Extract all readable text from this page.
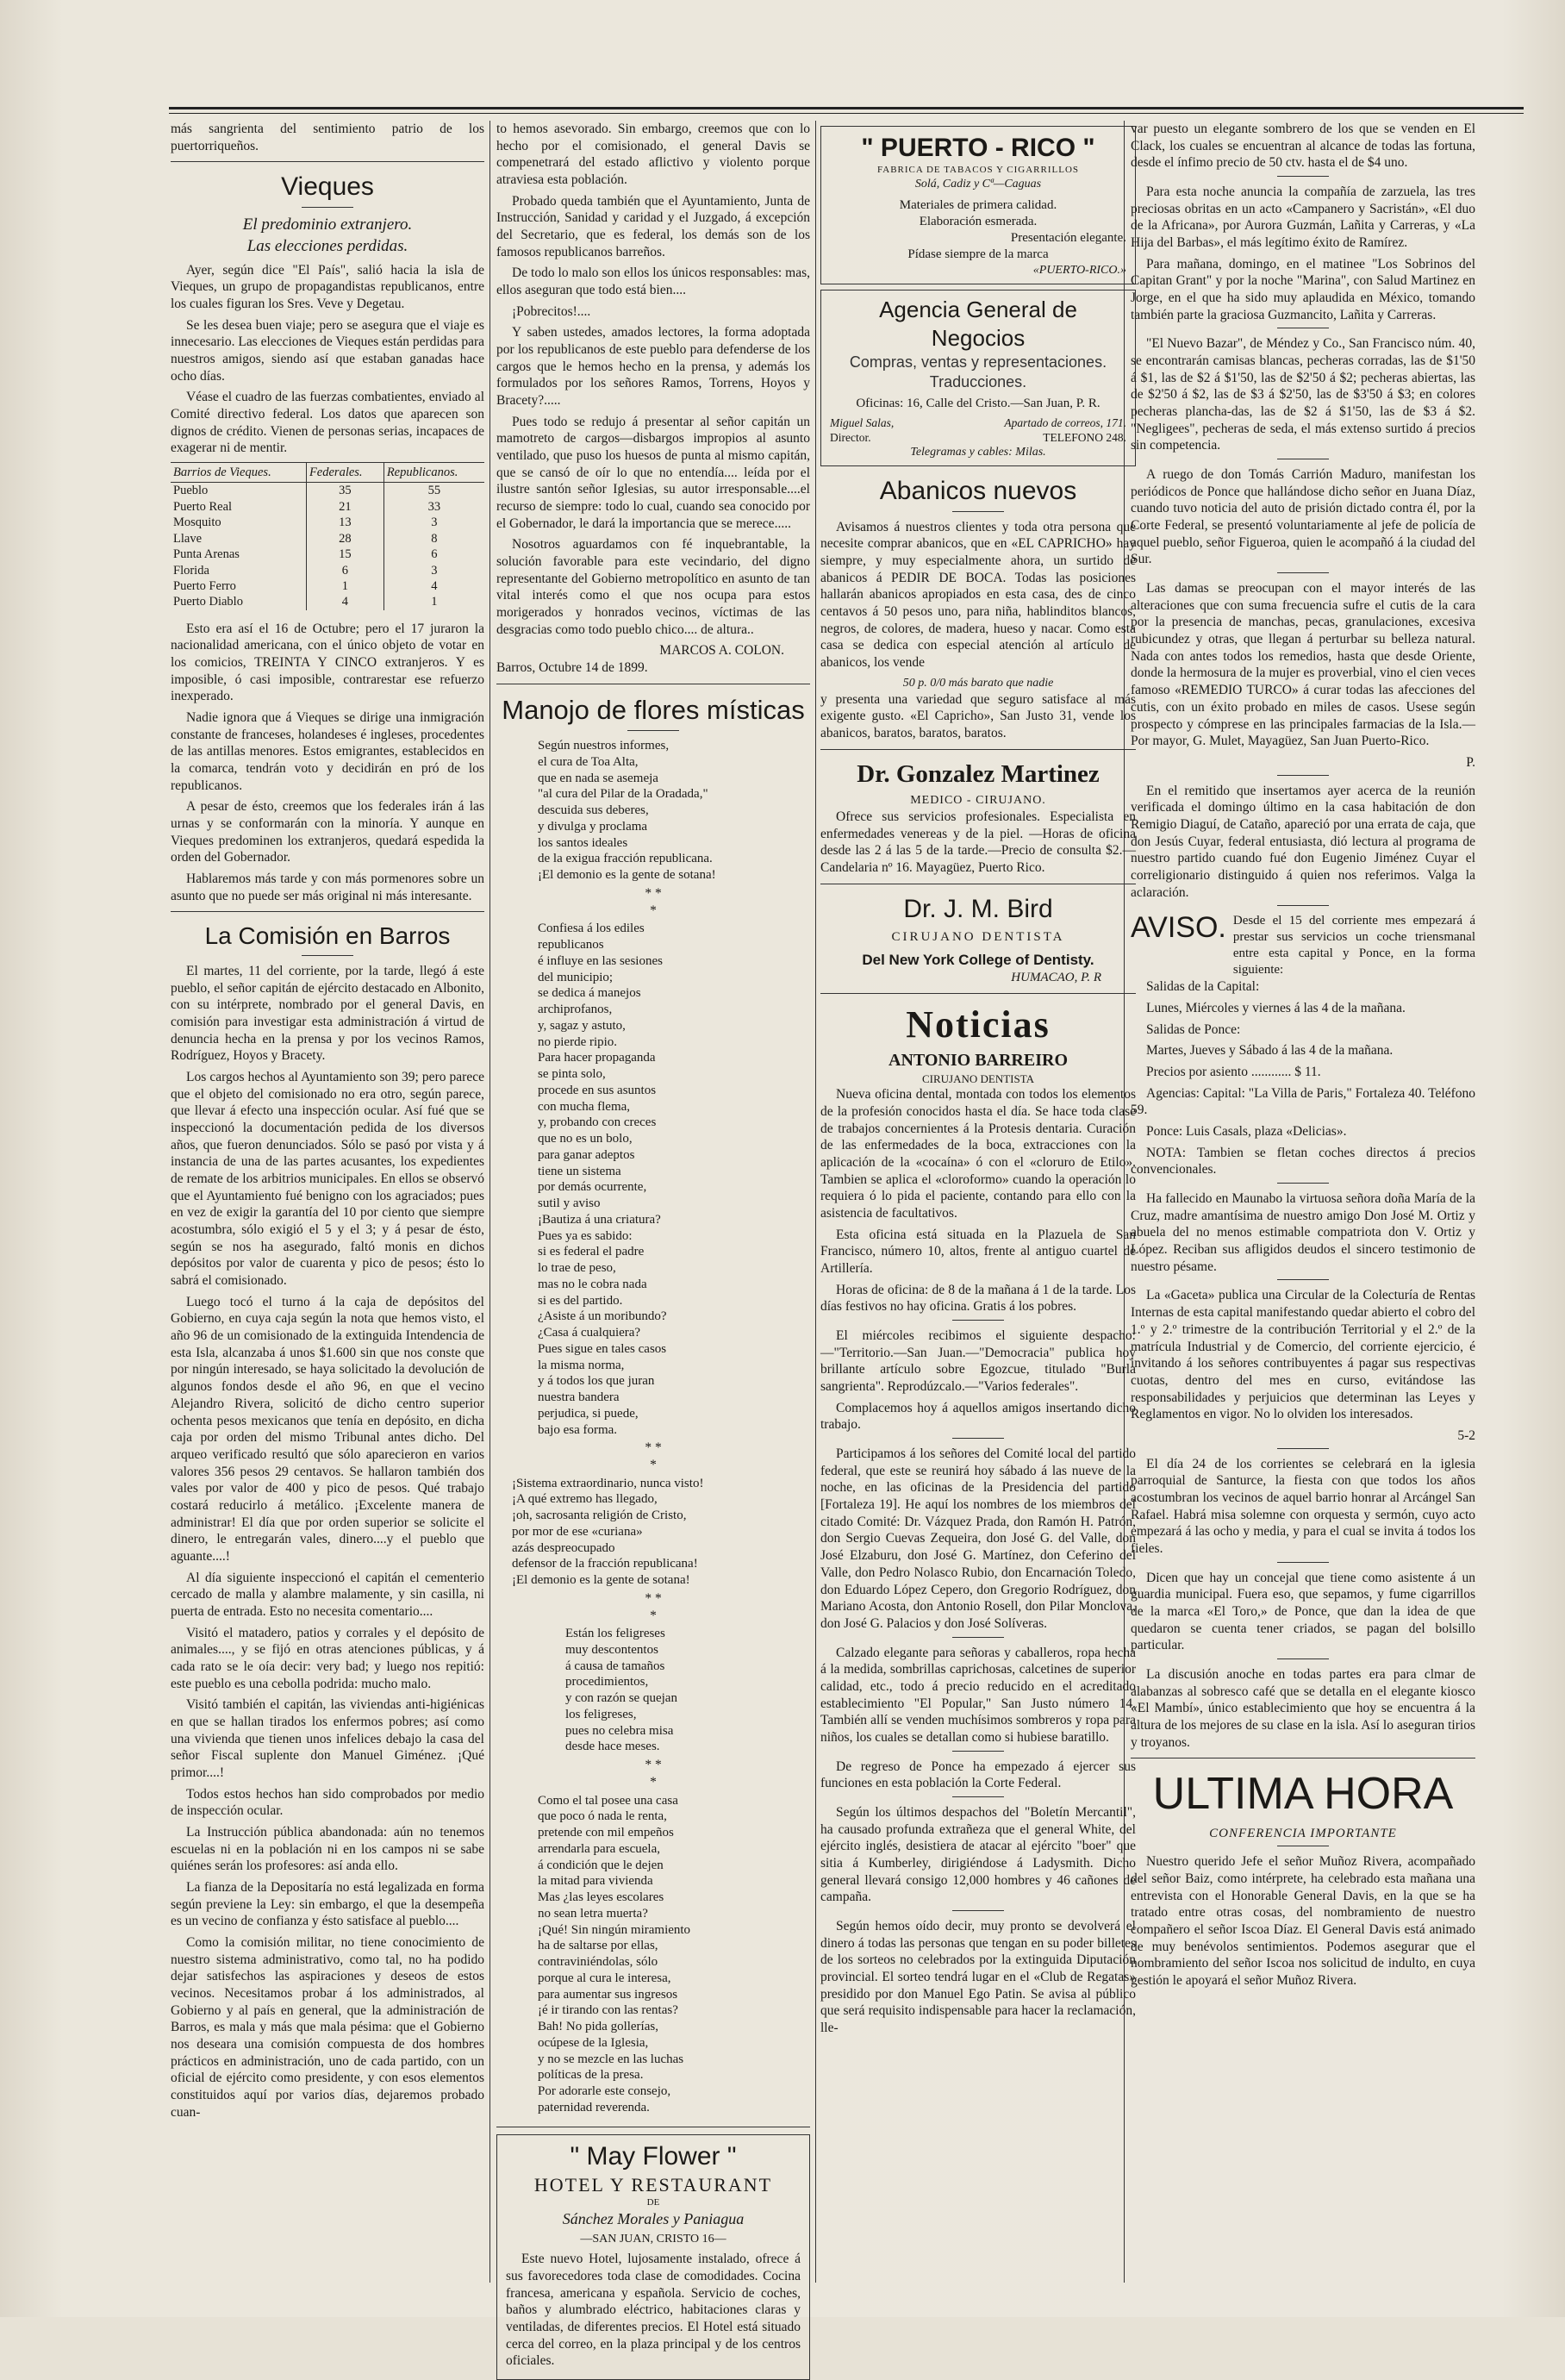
más sangrienta del sentimiento patrio de los puertorriqueños.

Vieques
El predominio extranjero.
Las elecciones perdidas.

Ayer, según dice "El País", salió hacia la isla de Vieques, un grupo de propagandistas republicanos, entre los cuales figuran los Sres. Veve y Degetau.

Se les desea buen viaje; pero se asegura que el viaje es innecesario. Las elecciones de Vieques están perdidas para nuestros amigos, siendo así que estaban ganadas hace ocho días.

Véase el cuadro de las fuerzas combatientes, enviado al Comité directivo federal. Los datos que aparecen son dignos de crédito. Vienen de personas serias, incapaces de exagerar ni de mentir.

Barrios de Vieques.	Federales.	Republicanos.
Pueblo	35	55
Puerto Real	21	33
Mosquito	13	3
Llave	28	8
Punta Arenas	15	6
Florida	6	3
Puerto Ferro	1	4
Puerto Diablo	4	1

Esto era así el 16 de Octubre; pero el 17 juraron la nacionalidad americana, con el único objeto de votar en los comicios, TREINTA Y CINCO extranjeros. Y es imposible, ó casi imposible, contrarestar ese refuerzo inexperado.

Nadie ignora que á Vieques se dirige una inmigración constante de franceses, holandeses é ingleses, procedentes de las antillas menores. Estos emigrantes, establecidos en la comarca, tendrán voto y decidirán en pró de los republicanos.

A pesar de ésto, creemos que los federales irán á las urnas y se conformarán con la minoría. Y aunque en Vieques predominen los extranjeros, quedará espedida la orden del Gobernador.

Hablaremos más tarde y con más pormenores sobre un asunto que no puede ser más original ni más interesante.

La Comisión en Barros

El martes, 11 del corriente, por la tarde, llegó á este pueblo, el señor capitán de ejército destacado en Albonito, con su intérprete, nombrado por el general Davis, en comisión para investigar esta administración á virtud de denuncia hecha en la prensa y por los vecinos Ramos, Rodríguez, Hoyos y Bracety.

Los cargos hechos al Ayuntamiento son 39; pero parece que el objeto del comisionado no era otro, según parece, que llevar á efecto una inspección ocular. Así fué que se inspeccionó la documentación pedida de los diversos años, que fueron denunciados. Sólo se pasó por vista y á instancia de una de las partes acusantes, los expedientes de remate de los arbitrios municipales. En ellos se observó que el Ayuntamiento fué benigno con los agraciados; pues en vez de exigir la garantía del 10 por ciento que siempre acostumbra, sólo exigió el 5 y el 3; y á pesar de ésto, según se nos ha asegurado, faltó monis en dichos depósitos por valor de cuarenta y pico de pesos; ésto lo sabrá el comisionado.

Luego tocó el turno á la caja de depósitos del Gobierno, en cuya caja según la nota que hemos visto, el año 96 de un comisionado de la extinguida Intendencia de esta Isla, alcanzaba á unos $1.600 sin que nos conste que por ningún interesado, se haya solicitado la devolución de algunos fondos desde el año 96, en que el vecino Alejandro Rivera, solicitó de dicho centro superior ochenta pesos mexicanos que tenía en depósito, en dicha caja por orden del mismo Tribunal antes dicho. Del arqueo verificado resultó que sólo aparecieron en varios valores 356 pesos 29 centavos. Se hallaron también dos vales por valor de 400 y pico de pesos. Qué trabajo costará reducirlo á metálico. ¡Excelente manera de administrar! El día que por orden superior se solicite el dinero, le entregarán vales, dinero....y el pueblo que aguante....!

Al día siguiente inspeccionó el capitán el cementerio cercado de malla y alambre malamente, y sin casilla, ni puerta de entrada. Esto no necesita comentario....

Visitó el matadero, patios y corrales y el depósito de animales...., y se fijó en otras atenciones públicas, y á cada rato se le oía decir: very bad; y luego nos repitió: este pueblo es una cebolla podrida: mucho malo.

Visitó también el capitán, las viviendas anti-higiénicas en que se hallan tirados los enfermos pobres; así como una vivienda que tienen unos infelices debajo la casa del señor Fiscal suplente don Manuel Giménez. ¡Qué primor....!

Todos estos hechos han sido comprobados por medio de inspección ocular.

La Instrucción pública abandonada: aún no tenemos escuelas ni en la población ni en los campos ni se sabe quiénes serán los profesores: así anda ello.

La fianza de la Depositaría no está legalizada en forma según previene la Ley: sin embargo, el que la desempeña es un vecino de confianza y ésto satisface al pueblo....

Como la comisión militar, no tiene conocimiento de nuestro sistema administrativo, como tal, no ha podido dejar satisfechos las aspiraciones y deseos de estos vecinos. Necesitamos probar á los administrados, al Gobierno y al país en general, que la administración de Barros, es mala y más que mala pésima: que el Gobierno nos deseara una comisión compuesta de dos hombres prácticos en administración, uno de cada partido, con un oficial de ejército como presidente, y con esos elementos constituidos aquí por varios días, dejaremos probado cuan-

to hemos asevorado. Sin embargo, creemos que con lo hecho por el comisionado, el general Davis se compenetrará del estado aflictivo y violento porque atraviesa esta población.

Probado queda también que el Ayuntamiento, Junta de Instrucción, Sanidad y caridad y el Juzgado, á excepción del Secretario, que es federal, los demás son de los famosos republicanos barreños.

De todo lo malo son ellos los únicos responsables: mas, ellos aseguran que todo está bien....

¡Pobrecitos!....

Y saben ustedes, amados lectores, la forma adoptada por los republicanos de este pueblo para defenderse de los cargos que le hemos hecho en la prensa, y además los formulados por los señores Ramos, Torrens, Hoyos y Bracety?.....

Pues todo se redujo á presentar al señor capitán un mamotreto de cargos—disbargos impropios al asunto ventilado, que puso los huesos de punta al mismo capitán, que se cansó de oír lo que no entendía.... leída por el ilustre santón señor Iglesias, su autor irresponsable....el recurso de siempre: todo lo cual, cuando sea conocido por el Gobernador, le dará la importancia que se merece.....

Nosotros aguardamos con fé inquebrantable, la solución favorable para este vecindario, del digno representante del Gobierno metropolítico en asunto de tan vital interés como el que nos ocupa para estos morigerados y honrados vecinos, víctimas de las desgracias como todo pueblo chico.... de altura..

MARCOS A. COLON.

Barros, Octubre 14 de 1899.

Manojo de flores místicas
Según nuestros informes,
el cura de Toa Alta,
que en nada se asemeja
"al cura del Pilar de la Oradada,"
descuida sus deberes,
y divulga y proclama
los santos ideales
de la exigua fracción republicana.
¡El demonio es la gente de sotana!
* *
*
Confiesa á los ediles
republicanos
é influye en las sesiones
del municipio;
se dedica á manejos
archiprofanos,
y, sagaz y astuto,
no pierde ripio.
Para hacer propaganda
se pinta solo,
procede en sus asuntos
con mucha flema,
y, probando con creces
que no es un bolo,
para ganar adeptos
tiene un sistema
por demás ocurrente,
sutil y aviso
¡Bautiza á una criatura?
Pues ya es sabido:
si es federal el padre
lo trae de peso,
mas no le cobra nada
si es del partido.
¿Asiste á un moribundo?
¿Casa á cualquiera?
Pues sigue en tales casos
la misma norma,
y á todos los que juran
nuestra bandera
perjudica, si puede,
bajo esa forma.
* *
*
¡Sistema extraordinario, nunca visto!
¡A qué extremo has llegado,
¡oh, sacrosanta religión de Cristo,
por mor de ese «curiana»
azás despreocupado
defensor de la fracción republicana!
¡El demonio es la gente de sotana!
* *
*
Están los feligreses
muy descontentos
á causa de tamaños
procedimientos,
y con razón se quejan
los feligreses,
pues no celebra misa
desde hace meses.
* *
*
Como el tal posee una casa
que poco ó nada le renta,
pretende con mil empeños
arrendarla para escuela,
á condición que le dejen
la mitad para vivienda
Mas ¿las leyes escolares
no sean letra muerta?
¡Qué! Sin ningún miramiento
ha de saltarse por ellas,
contraviniéndolas, sólo
porque al cura le interesa,
para aumentar sus ingresos
¡é ir tirando con las rentas?
Bah! No pida gollerías,
ocúpese de la Iglesia,
y no se mezcle en las luchas
políticas de la presa.
Por adorarle este consejo,
paternidad reverenda.
" May Flower "
HOTEL Y RESTAURANT
DE
Sánchez Morales y Paniagua
—SAN JUAN, CRISTO 16—

Este nuevo Hotel, lujosamente instalado, ofrece á sus favorecedores toda clase de comodidades. Cocina francesa, americana y española. Servicio de coches, baños y alumbrado eléctrico, habitaciones claras y ventiladas, de diferentes precios. El Hotel está situado cerca del correo, en la plaza principal y de los centros oficiales.

" PUERTO - RICO "
FABRICA DE TABACOS Y CIGARRILLOS
Solá, Cadiz y Cª—Caguas
Materiales de primera calidad.
Elaboración esmerada.
Presentación elegante.
Pídase siempre de la marca
«PUERTO-RICO.»
Agencia General de Negocios
Compras, ventas y representaciones.
Traducciones.
Oficinas: 16, Calle del Cristo.—San Juan, P. R.
Miguel Salas,	Apartado de correos, 171.
Director.	TELEFONO 248.
Telegramas y cables: Milas.
Abanicos nuevos

Avisamos á nuestros clientes y toda otra persona que necesite comprar abanicos, que en «EL CAPRICHO» hay siempre, y muy especialmente ahora, un surtido de abanicos á PEDIR DE BOCA. Todas las posiciones hallarán abanicos apropiados en esta casa, des de cinco centavos á 50 pesos uno, para niña, hablinditos blancos, negros, de colores, de madera, hueso y nacar. Como esta casa se dedica con especial atención al artículo de abanicos, los vende

50 p. 0/0 más barato que nadie

y presenta una variedad que seguro satisface al más exigente gusto. «El Capricho», San Justo 31, vende los abanicos, baratos, baratos, baratos.

Dr. Gonzalez Martinez
MEDICO - CIRUJANO.

Ofrece sus servicios profesionales. Especialista en enfermedades venereas y de la piel. —Horas de oficina desde las 2 á las 5 de la tarde.—Precio de consulta $2.—Candelaria nº 16. Mayagüez, Puerto Rico.

Dr. J. M. Bird
CIRUJANO DENTISTA
Del New York College of Dentisty.
HUMACAO, P. R
Noticias
ANTONIO BARREIRO
CIRUJANO DENTISTA

Nueva oficina dental, montada con todos los elementos de la profesión conocidos hasta el día. Se hace toda clase de trabajos concernientes á la Protesis dentaria. Curación de las enfermedades de la boca, extracciones con la aplicación de la «cocaína» ó con el «cloruro de Etilo». Tambien se aplica el «cloroformo» cuando la operación lo requiera ó lo pida el paciente, contando para ello con la asistencia de facultativos.

Esta oficina está situada en la Plazuela de San Francisco, número 10, altos, frente al antiguo cuartel de Artillería.

Horas de oficina: de 8 de la mañana á 1 de la tarde. Los días festivos no hay oficina. Gratis á los pobres.

El miércoles recibimos el siguiente despacho:—"Territorio.—San Juan.—"Democracia" publica hoy brillante artículo sobre Egozcue, titulado "Burla sangrienta". Reprodúzcalo.—"Varios federales".

Complacemos hoy á aquellos amigos insertando dicho trabajo.

Participamos á los señores del Comité local del partido federal, que este se reunirá hoy sábado á las nueve de la noche, en las oficinas de la Presidencia del partido [Fortaleza 19]. He aquí los nombres de los miembros del citado Comité: Dr. Vázquez Prada, don Ramón H. Patrón, don Sergio Cuevas Zequeira, don José G. del Valle, don José Elzaburu, don José G. Martínez, don Ceferino del Valle, don Pedro Nolasco Rubio, don Encarnación Toledo, don Eduardo López Cepero, don Gregorio Rodríguez, don Mariano Acosta, don Antonio Rosell, don Pilar Monclova, don José G. Palacios y don José Solíveras.

Calzado elegante para señoras y caballeros, ropa hecha á la medida, sombrillas caprichosas, calcetines de superior calidad, etc., todo á precio reducido en el acreditado establecimiento "El Popular," San Justo número 14. También allí se venden muchísimos sombreros y ropa para niños, los cuales se detallan como si hubiese baratillo.

De regreso de Ponce ha empezado á ejercer sus funciones en esta población la Corte Federal.

Según los últimos despachos del "Boletín Mercantil", ha causado profunda extrañeza que el general White, del ejército inglés, desistiera de atacar al ejército "boer" que sitia á Kumberley, dirigiéndose á Ladysmith. Dicho general llevará consigo 12,000 hombres y 46 cañones de campaña.

Según hemos oído decir, muy pronto se devolverá el dinero á todas las personas que tengan en su poder billetes de los sorteos no celebrados por la extinguida Diputación provincial. El sorteo tendrá lugar en el «Club de Regatas» presidido por don Manuel Ego Patin. Se avisa al público que será requisito indispensable para hacer la reclamación, lle-

var puesto un elegante sombrero de los que se venden en El Clack, los cuales se encuentran al alcance de todas las fortuna, desde el ínfimo precio de 50 ctv. hasta el de $4 uno.

Para esta noche anuncia la compañía de zarzuela, las tres preciosas obritas en un acto «Campanero y Sacristán», «El duo de la Africana», por Aurora Guzmán, Lañita y Carreras, y «La Hija del Barbas», el más legítimo éxito de Ramírez.

Para mañana, domingo, en el matinee "Los Sobrinos del Capitan Grant" y por la noche "Marina", con Salud Martinez en Jorge, en el que ha sido muy aplaudida en México, tomando también parte la graciosa Guzmancito, Lañita y Carreras.

"El Nuevo Bazar", de Méndez y Co., San Francisco núm. 40, se encontrarán camisas blancas, pecheras corradas, las de $1'50 á $1, las de $2 á $1'50, las de $2'50 á $2; pecheras abiertas, las de $2'50 á $2, las de $3 á $2'50, las de $3'50 á $3; en colores pecheras plancha-das, las de $2 á $1'50, las de $3 á $2. "Negligees", pecheras de seda, el más extenso surtido á precios sin competencia.

A ruego de don Tomás Carrión Maduro, manifestan los periódicos de Ponce que hallándose dicho señor en Juana Díaz, cuando tuvo noticia del auto de prisión dictado contra él, por la Corte Federal, se presentó voluntariamente al jefe de policía de aquel pueblo, señor Figueroa, quien le acompañó á la ciudad del Sur.

Las damas se preocupan con el mayor interés de las alteraciones que con suma frecuencia sufre el cutis de la cara por la presencia de manchas, pecas, granulaciones, excesiva rubicundez y otras, que llegan á perturbar su belleza natural. Nada con antes todos los remedios, hasta que desde Oriente, donde la hermosura de la mujer es proverbial, vino el cien veces famoso «REMEDIO TURCO» á curar todas las afecciones del cutis, con un éxito probado en miles de casos. Usese según prospecto y cómprese en las principales farmacias de la Isla.—Por mayor, G. Mulet, Mayagüez, San Juan Puerto-Rico.

P.

En el remitido que insertamos ayer acerca de la reunión verificada el domingo último en la casa habitación de don Remigio Diaguí, de Cataño, apareció por una errata de caja, que don Jesús Cuyar, federal entusiasta, dió lectura al programa de nuestro partido cuando fué don Eugenio Jiménez Cuyar el correligionario distinguido á quien nos referimos. Valga la aclaración.

AVISO. Desde el 15 del corriente mes empezará á prestar sus servicios un coche triensmanal entre esta capital y Ponce, en la forma siguiente:

Salidas de la Capital:

Lunes, Miércoles y viernes á las 4 de la mañana.

Salidas de Ponce:

Martes, Jueves y Sábado á las 4 de la mañana.

Precios por asiento ............ $ 11.

Agencias: Capital: "La Villa de Paris," Fortaleza 40. Teléfono 59.

Ponce: Luis Casals, plaza «Delicias».

NOTA: Tambien se fletan coches directos á precios convencionales.

Ha fallecido en Maunabo la virtuosa señora doña María de la Cruz, madre amantísima de nuestro amigo Don José M. Ortiz y abuela del no menos estimable compatriota don V. Ortiz y López. Reciban sus afligidos deudos el sincero testimonio de nuestro pésame.

La «Gaceta» publica una Circular de la Colecturía de Rentas Internas de esta capital manifestando quedar abierto el cobro del 1.º y 2.º trimestre de la contribución Territorial y el 2.º de la matrícula Industrial y de Comercio, del corriente ejercicio, é invitando á los señores contribuyentes á pagar sus respectivas cuotas, dentro del mes en curso, evitándose las responsabilidades y perjuicios que determinan las Leyes y Reglamentos en vigor. No lo olviden los interesados.

5-2

El día 24 de los corrientes se celebrará en la iglesia parroquial de Santurce, la fiesta con que todos los años acostumbran los vecinos de aquel barrio honrar al Arcángel San Rafael. Habrá misa solemne con orquesta y sermón, cuyo acto empezará á las ocho y media, y para el cual se invita á todos los fieles.

Dicen que hay un concejal que tiene como asistente á un guardia municipal. Fuera eso, que sepamos, y fume cigarrillos de la marca «El Toro,» de Ponce, que dan la idea de que quedaron se cuenta tener criados, se pagan del bolsillo particular.

La discusión anoche en todas partes era para clmar de alabanzas al sobresco café que se detalla en el elegante kiosco «El Mambí», único establecimiento que hoy se encuentra á la altura de los mejores de su clase en la isla. Así lo aseguran tirios y troyanos.

ULTIMA HORA
CONFERENCIA IMPORTANTE

Nuestro querido Jefe el señor Muñoz Rivera, acompañado del señor Baiz, como intérprete, ha celebrado esta mañana una entrevista con el Honorable General Davis, en la que se ha tratado entre otras cosas, del nombramiento de nuestro compañero el señor Iscoa Díaz. El General Davis está animado de muy benévolos sentimientos. Podemos asegurar que el nombramiento del señor Iscoa nos solicitud de indulto, en cuya gestión le apoyará el señor Muñoz Rivera.
